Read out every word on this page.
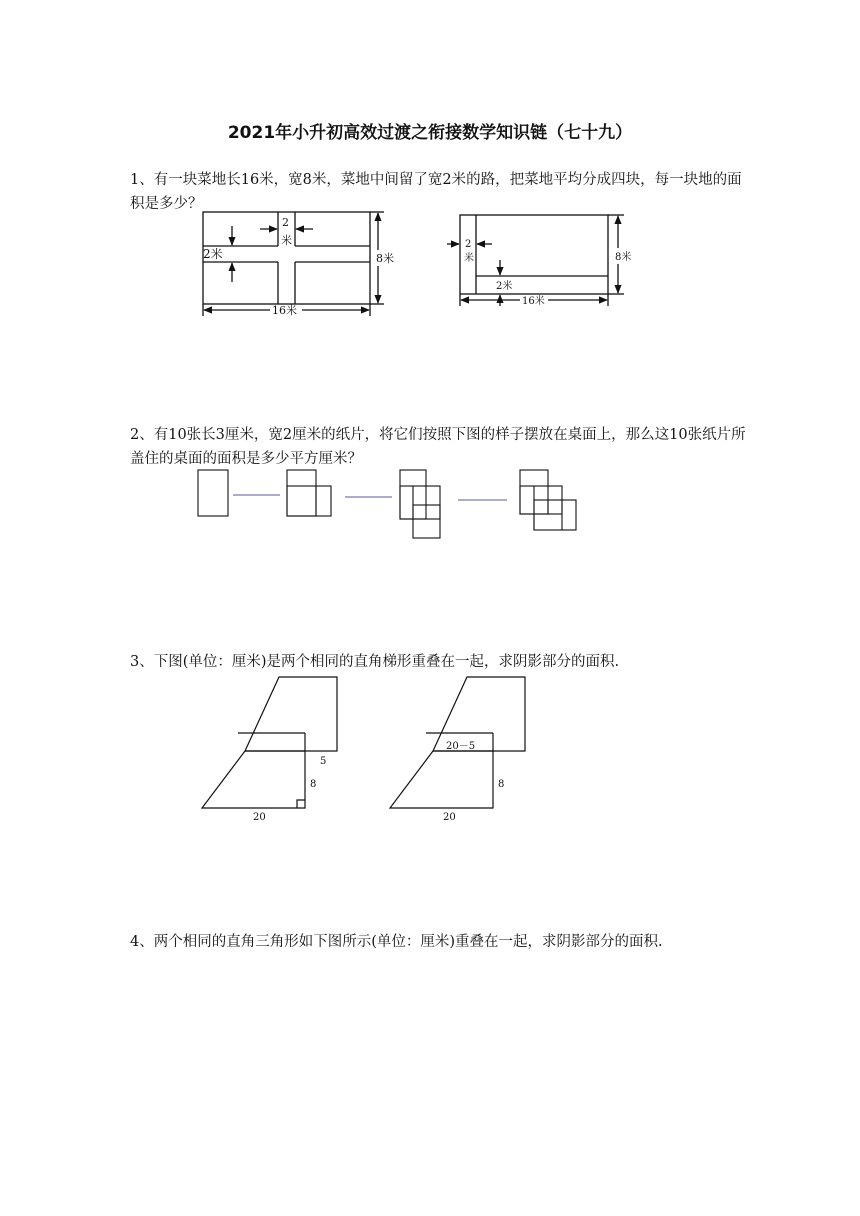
2021年小升初高效过渡之衔接数学知识链（七十九）
1、有一块菜地长16米，宽8米，菜地中间留了宽2米的路，把菜地平均分成四块，每一块地的面积是多少？
2、有10张长3厘米，宽2厘米的纸片，将它们按照下图的样子摆放在桌面上，那么这10张纸片所盖住的桌面的面积是多少平方厘米？
3、下图(单位：厘米)是两个相同的直角梯形重叠在一起，求阴影部分的面积.
4、两个相同的直角三角形如下图所示(单位：厘米)重叠在一起，求阴影部分的面积.
2米
2
米
8米
16米
2
米
2米
8米
16米
5
8
20
20－5
8
20
